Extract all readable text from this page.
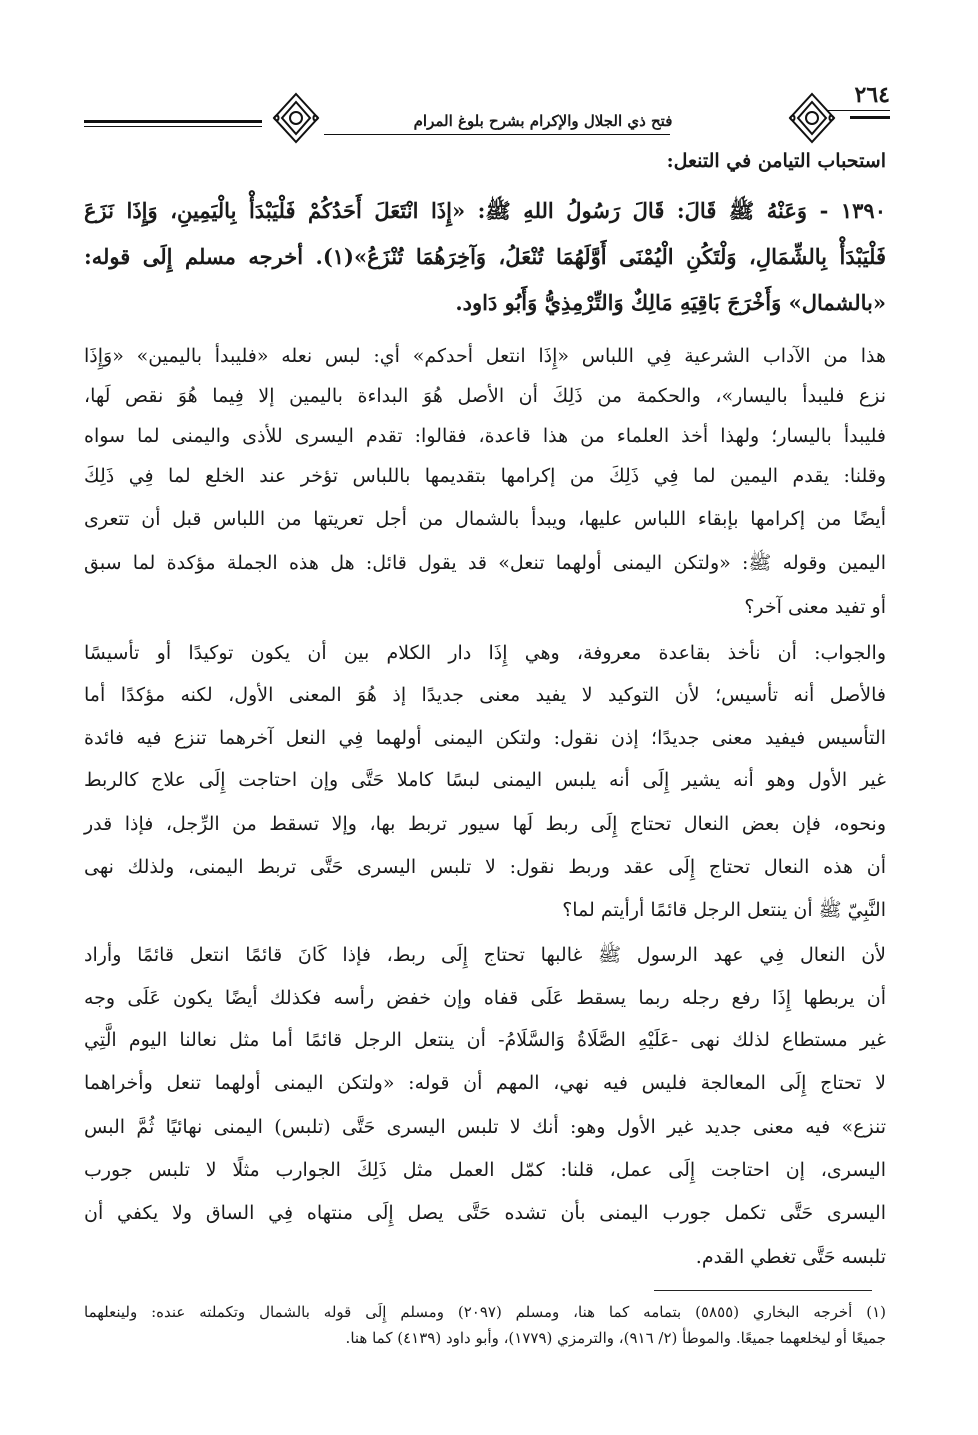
٢٦٤
فتح ذي الجلال والإكرام بشرح بلوغ المرام
استحباب التيامن في التنعل:
١٣٩٠ - وَعَنْهُ ﷺ قَالَ: قَالَ رَسُولُ اللهِ ﷺ: «إِذَا انْتَعَلَ أَحَدُكُمْ فَلْيَبْدَأْ بِالْيَمِينِ، وَإِذَا نَزَعَ
فَلْيَبْدَأْ بِالشِّمَالِ، وَلْتَكُنِ الْيُمْنَى أَوَّلَهُمَا تُنْعَلُ، وَآخِرَهُمَا تُنْزَعُ»(١). أخرجه مسلم إِلَى قوله:
«بالشمال» وَأَخْرَجَ بَاقِيَهِ مَالِكٌ وَالتِّرْمِذِيُّ وَأَبُو دَاود.
هذا من الآداب الشرعية فِي اللباس «إِذَا انتعل أحدكم» أي: لبس نعله «فليبدأ باليمين» «وَإِذَا
نزع فليبدأ باليسار»، والحكمة من ذَلِكَ أن الأصل هُوَ البداءة باليمين إلا فِيما هُوَ نقص لَها،
فليبدأ باليسار؛ ولهذا أخذ العلماء من هذا قاعدة، فقالوا: تقدم اليسرى للأذى واليمنى لما سواه
وقلنا: يقدم اليمين لما فِي ذَلِكَ من إكرامها بتقديمها باللباس تؤخر عند الخلع لما فِي ذَلِكَ
أيضًا من إكرامها بإبقاء اللباس عليها، ويبدأ بالشمال من أجل تعريتها من اللباس قبل أن تتعرى
اليمين وقوله ﷺ: «ولتكن اليمنى أولهما تنعل» قد يقول قائل: هل هذه الجملة مؤكدة لما سبق
أو تفيد معنى آخر؟
والجواب: أن نأخذ بقاعدة معروفة، وهي إِذَا دار الكلام بين أن يكون توكيدًا أو تأسيسًا
فالأصل أنه تأسيس؛ لأن التوكيد لا يفيد معنى جديدًا إذ هُوَ المعنى الأول، لكنه مؤكدًا أما
التأسيس فيفيد معنى جديدًا؛ إذن نقول: ولتكن اليمنى أولهما فِي النعل آخرهما تنزع فيه فائدة
غير الأول وهو أنه يشير إِلَى أنه يلبس اليمنى لبسًا كاملا حَتَّى وإن احتاجت إِلَى علاج كالربط
ونحوه، فإن بعض النعال تحتاج إِلَى ربط لَها سيور تربط بها، وإلا تسقط من الرِّجل، فإذا قدر
أن هذه النعال تحتاج إِلَى عقد وربط نقول: لا تلبس اليسرى حَتَّى تربط اليمنى، ولذلك نهى
النَّبِيّ ﷺ أن ينتعل الرجل قائمًا أرأيتم لما؟
لأن النعال فِي عهد الرسول ﷺ غالبها تحتاج إِلَى ربط، فإذا كَانَ قائمًا انتعل قائمًا وأراد
أن يربطها إِذَا رفع رجله ربما يسقط عَلَى قفاه وإن خفض رأسه فكذلك أيضًا يكون عَلَى وجه
غير مستطاع لذلك نهى -عَلَيْهِ الصَّلَاةُ وَالسَّلَامُ- أن ينتعل الرجل قائمًا أما مثل نعالنا اليوم الَّتِي
لا تحتاج إِلَى المعالجة فليس فيه نهي، المهم أن قوله: «ولتكن اليمنى أولهما تنعل وأخراهما
تنزع» فيه معنى جديد غير الأول وهو: أنك لا تلبس اليسرى حَتَّى (تلبس) اليمنى نهائيًا ثُمَّ البس
اليسرى، إن احتاجت إِلَى عمل، قلنا: كمّل العمل مثل ذَلِكَ الجوارب مثلًا لا تلبس جورب
اليسرى حَتَّى تكمل جورب اليمنى بأن تشده حَتَّى يصل إِلَى منتهاه فِي الساق ولا يكفي أن
تلبسه حَتَّى تغطي القدم.
(١) أخرجه البخاري (٥٨٥٥) بتمامه كما هنا، ومسلم (٢٠٩٧) ومسلم إِلَى قوله بالشمال وتكملته عنده: ولينعلهما
جميعًا أو ليخلعهما جميعًا. والموطأ (٢/ ٩١٦)، والترمزي (١٧٧٩)، وأبو داود (٤١٣٩) كما هنا.
